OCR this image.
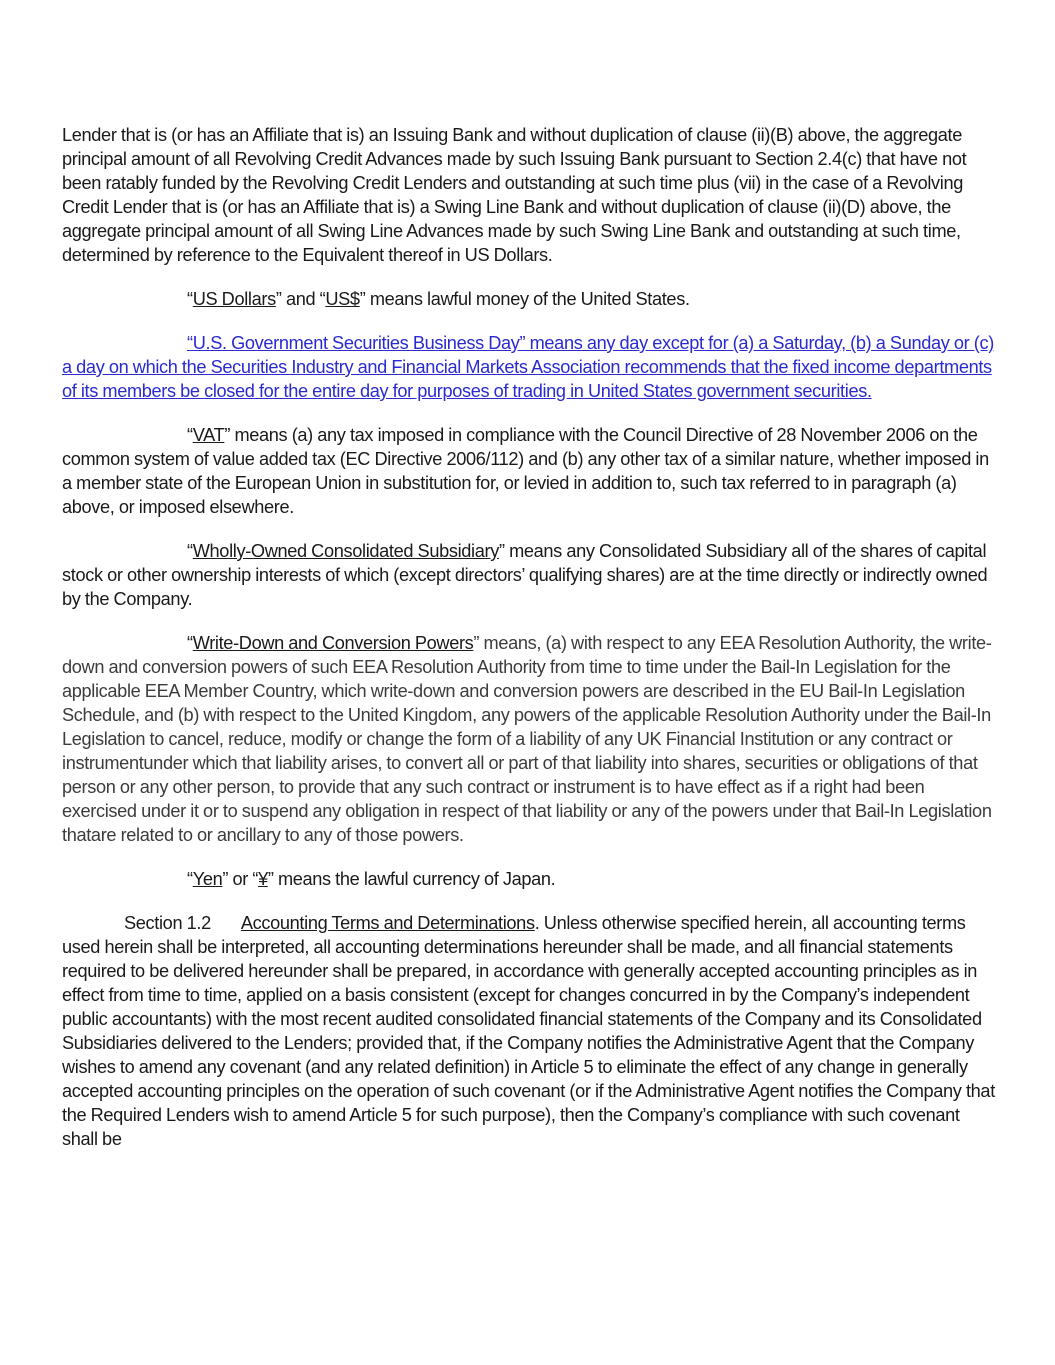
Lender that is (or has an Affiliate that is) an Issuing Bank and without duplication of clause (ii)(B) above, the aggregate principal amount of all Revolving Credit Advances made by such Issuing Bank pursuant to Section 2.4(c) that have not been ratably funded by the Revolving Credit Lenders and outstanding at such time plus (vii) in the case of a Revolving Credit Lender that is (or has an Affiliate that is) a Swing Line Bank and without duplication of clause (ii)(D) above, the aggregate principal amount of all Swing Line Advances made by such Swing Line Bank and outstanding at such time, determined by reference to the Equivalent thereof in US Dollars.

“US Dollars” and “US$” means lawful money of the United States.

“U.S. Government Securities Business Day” means any day except for (a) a Saturday, (b) a Sunday or (c) a day on which the Securities Industry and Financial Markets Association recommends that the fixed income departments of its members be closed for the entire day for purposes of trading in United States government securities.

“VAT” means (a) any tax imposed in compliance with the Council Directive of 28 November 2006 on the common system of value added tax (EC Directive 2006/112) and (b) any other tax of a similar nature, whether imposed in a member state of the European Union in substitution for, or levied in addition to, such tax referred to in paragraph (a) above, or imposed elsewhere.

“Wholly-Owned Consolidated Subsidiary” means any Consolidated Subsidiary all of the shares of capital stock or other ownership interests of which (except directors’ qualifying shares) are at the time directly or indirectly owned by the Company.

“Write-Down and Conversion Powers” means, (a) with respect to any EEA Resolution Authority, the write-down and conversion powers of such EEA Resolution Authority from time to time under the Bail-In Legislation for the applicable EEA Member Country, which write-down and conversion powers are described in the EU Bail-In Legislation Schedule, and (b) with respect to the United Kingdom, any powers of the applicable Resolution Authority under the Bail-In Legislation to cancel, reduce, modify or change the form of a liability of any UK Financial Institution or any contract or instrumentunder which that liability arises, to convert all or part of that liability into shares, securities or obligations of that person or any other person, to provide that any such contract or instrument is to have effect as if a right had been exercised under it or to suspend any obligation in respect of that liability or any of the powers under that Bail-In Legislation thatare related to or ancillary to any of those powers.

“Yen” or “¥” means the lawful currency of Japan.

Section 1.2 Accounting Terms and Determinations. Unless otherwise specified herein, all accounting terms used herein shall be interpreted, all accounting determinations hereunder shall be made, and all financial statements required to be delivered hereunder shall be prepared, in accordance with generally accepted accounting principles as in effect from time to time, applied on a basis consistent (except for changes concurred in by the Company’s independent public accountants) with the most recent audited consolidated financial statements of the Company and its Consolidated Subsidiaries delivered to the Lenders; provided that, if the Company notifies the Administrative Agent that the Company wishes to amend any covenant (and any related definition) in Article 5 to eliminate the effect of any change in generally accepted accounting principles on the operation of such covenant (or if the Administrative Agent notifies the Company that the Required Lenders wish to amend Article 5 for such purpose), then the Company’s compliance with such covenant shall be
